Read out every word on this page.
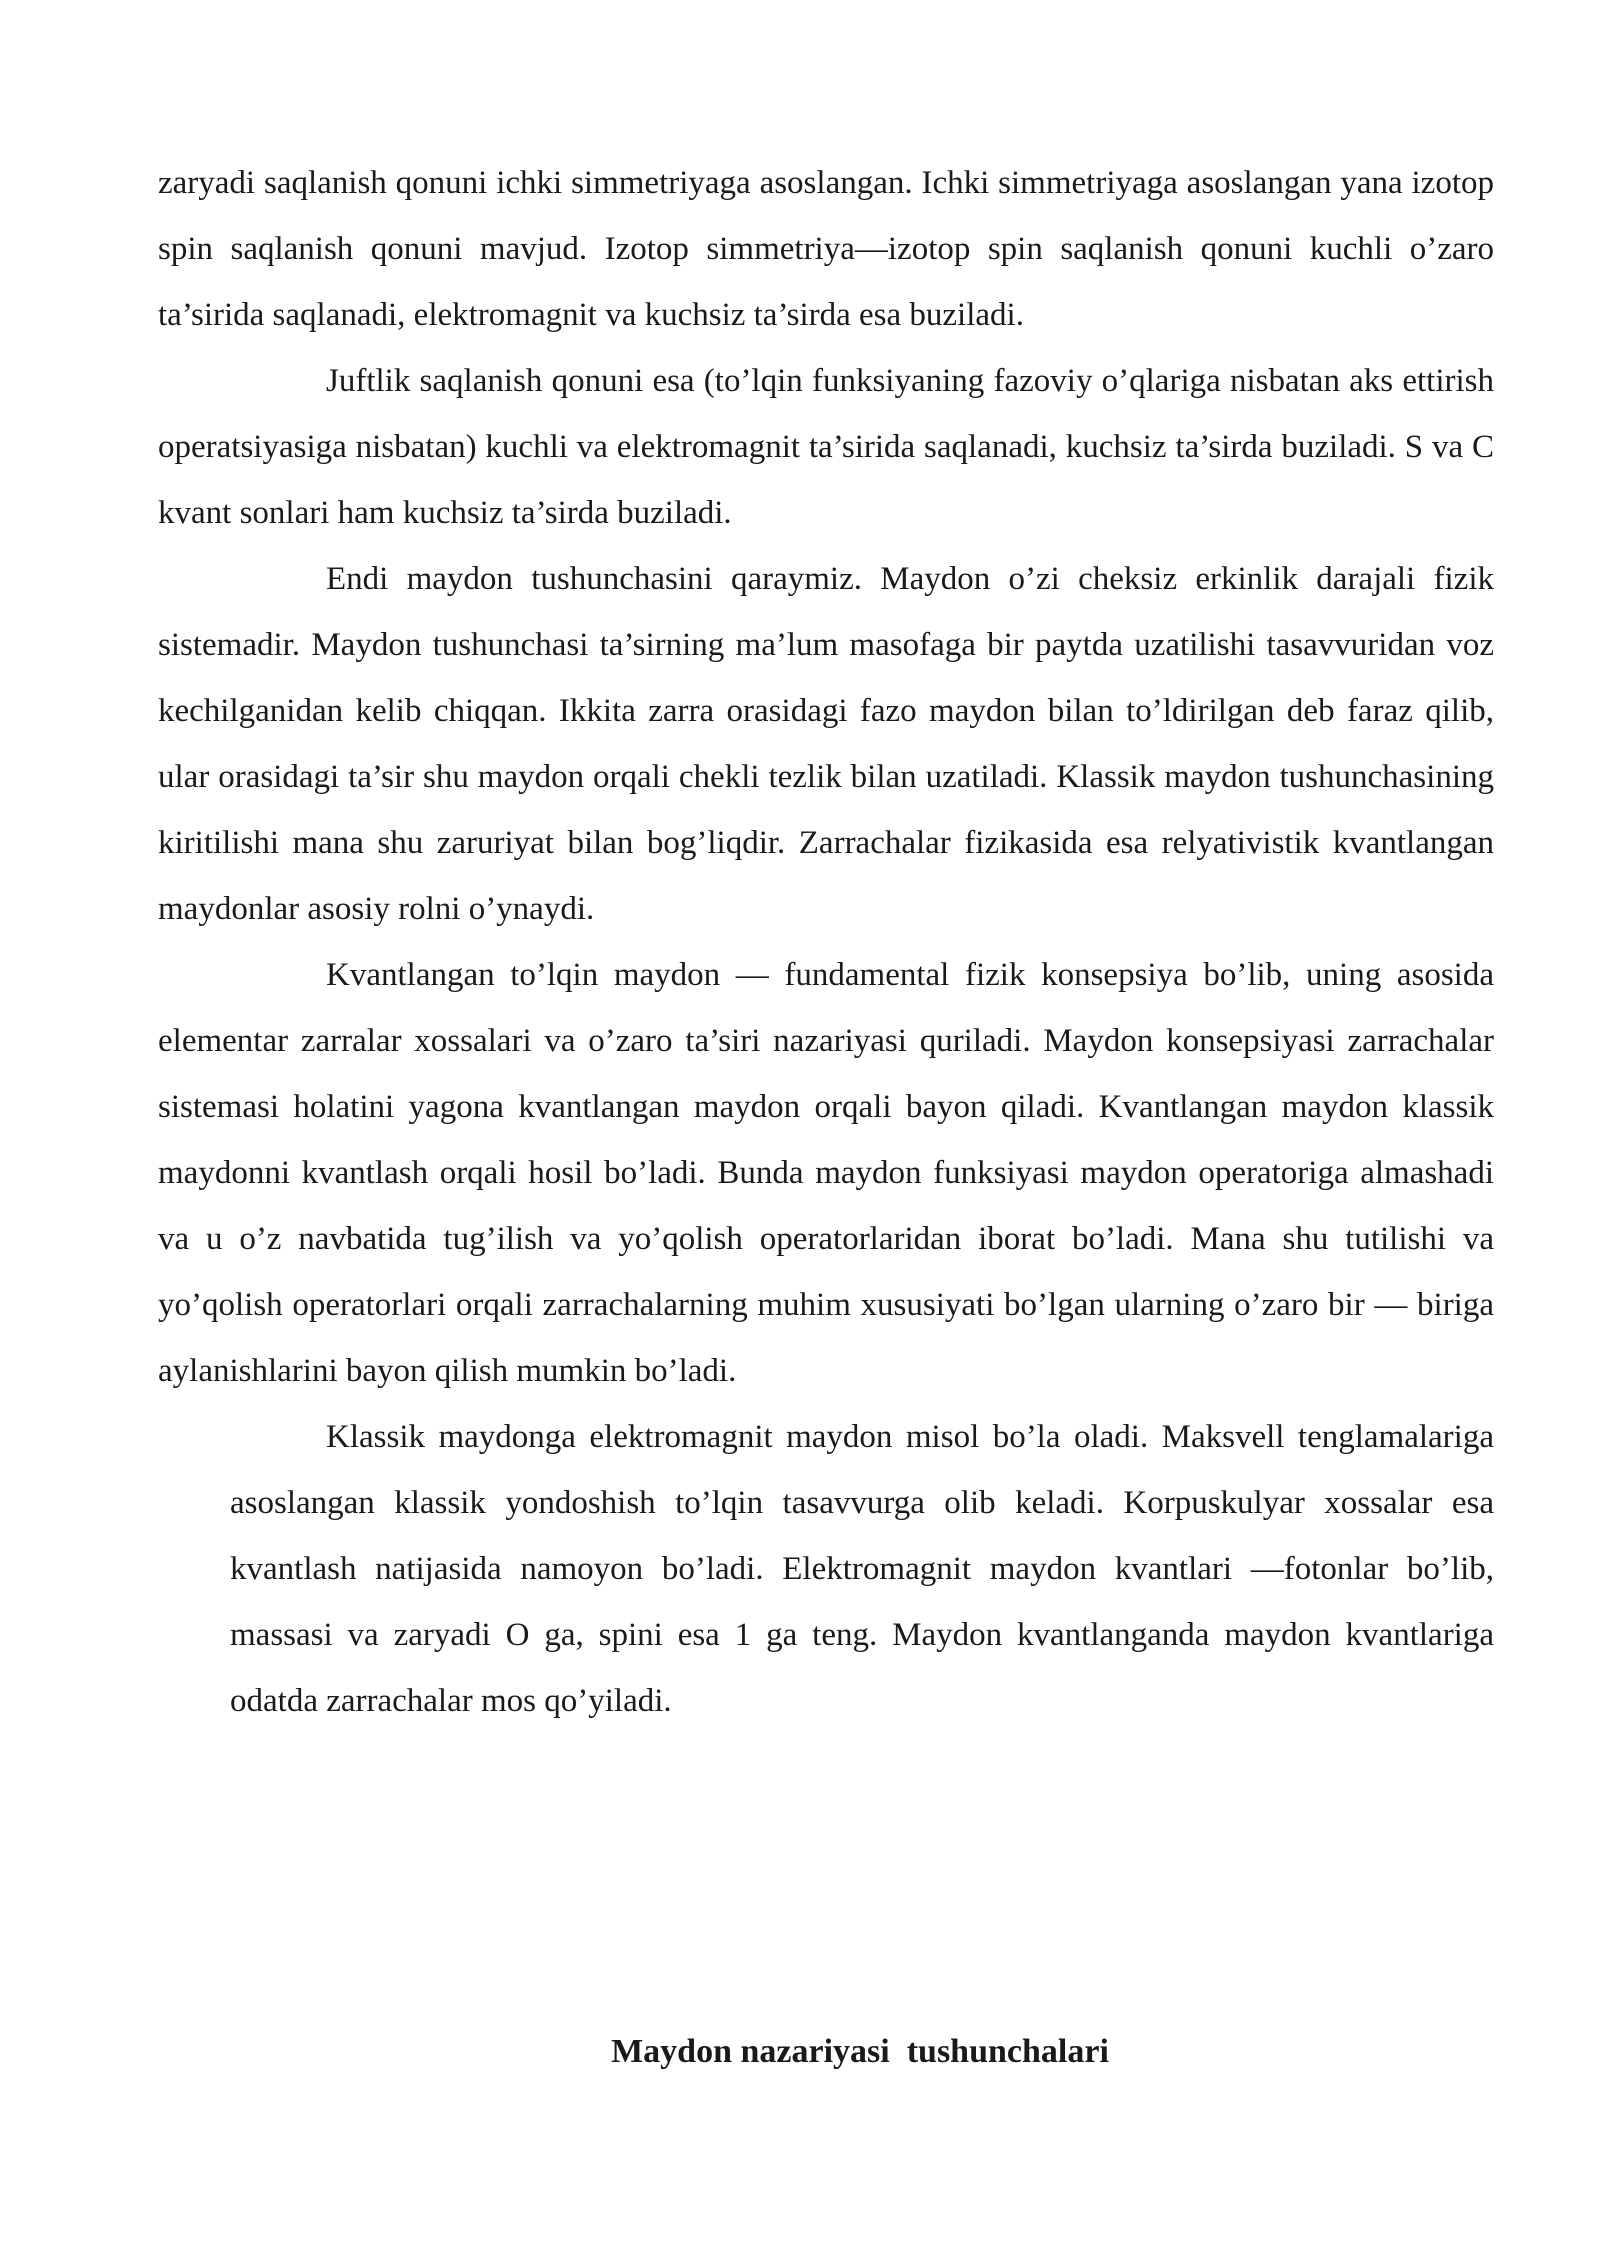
zaryadi saqlanish qonuni ichki simmetriyaga asoslangan. Ichki simmetriyaga asoslangan yana izotop spin saqlanish qonuni mavjud. Izotop simmetriya—izotop spin saqlanish qonuni kuchli o’zaro ta’sirida saqlanadi, elektromagnit va kuchsiz ta’sirda esa buziladi.

Juftlik saqlanish qonuni esa (to’lqin funksiyaning fazoviy o’qlariga nisbatan aks ettirish operatsiyasiga nisbatan) kuchli va elektromagnit ta’sirida saqlanadi, kuchsiz ta’sirda buziladi. S va C kvant sonlari ham kuchsiz ta’sirda buziladi.

Endi maydon tushunchasini qaraymiz. Maydon o’zi cheksiz erkinlik darajali fizik sistemadir. Maydon tushunchasi ta’sirning ma’lum masofaga bir paytda uzatilishi tasavvuridan voz kechilganidan kelib chiqqan. Ikkita zarra orasidagi fazo maydon bilan to’ldirilgan deb faraz qilib, ular orasidagi ta’sir shu maydon orqali chekli tezlik bilan uzatiladi. Klassik maydon tushunchasining kiritilishi mana shu zaruriyat bilan bog’liqdir. Zarrachalar fizikasida esa relyativistik kvantlangan maydonlar asosiy rolni o’ynaydi.

Kvantlangan to’lqin maydon — fundamental fizik konsepsiya bo’lib, uning asosida elementar zarralar xossalari va o’zaro ta’siri nazariyasi quriladi. Maydon konsepsiyasi zarrachalar sistemasi holatini yagona kvantlangan maydon orqali bayon qiladi. Kvantlangan maydon klassik maydonni kvantlash orqali hosil bo’ladi. Bunda maydon funksiyasi maydon operatoriga almashadi va u o’z navbatida tug’ilish va yo’qolish operatorlaridan iborat bo’ladi. Mana shu tutilishi va yo’qolish operatorlari orqali zarrachalarning muhim xususiyati bo’lgan ularning o’zaro bir — biriga aylanishlarini bayon qilish mumkin bo’ladi.

Klassik maydonga elektromagnit maydon misol bo’la oladi. Maksvell tenglamalariga asoslangan klassik yondoshish to’lqin tasavvurga olib keladi. Korpuskulyar xossalar esa kvantlash natijasida namoyon bo’ladi. Elektromagnit maydon kvantlari —fotonlar bo’lib, massasi va zaryadi O ga, spini esa 1 ga teng. Maydon kvantlanganda maydon kvantlariga odatda zarrachalar mos qo’yiladi.

Maydon nazariyasi  tushunchalari
